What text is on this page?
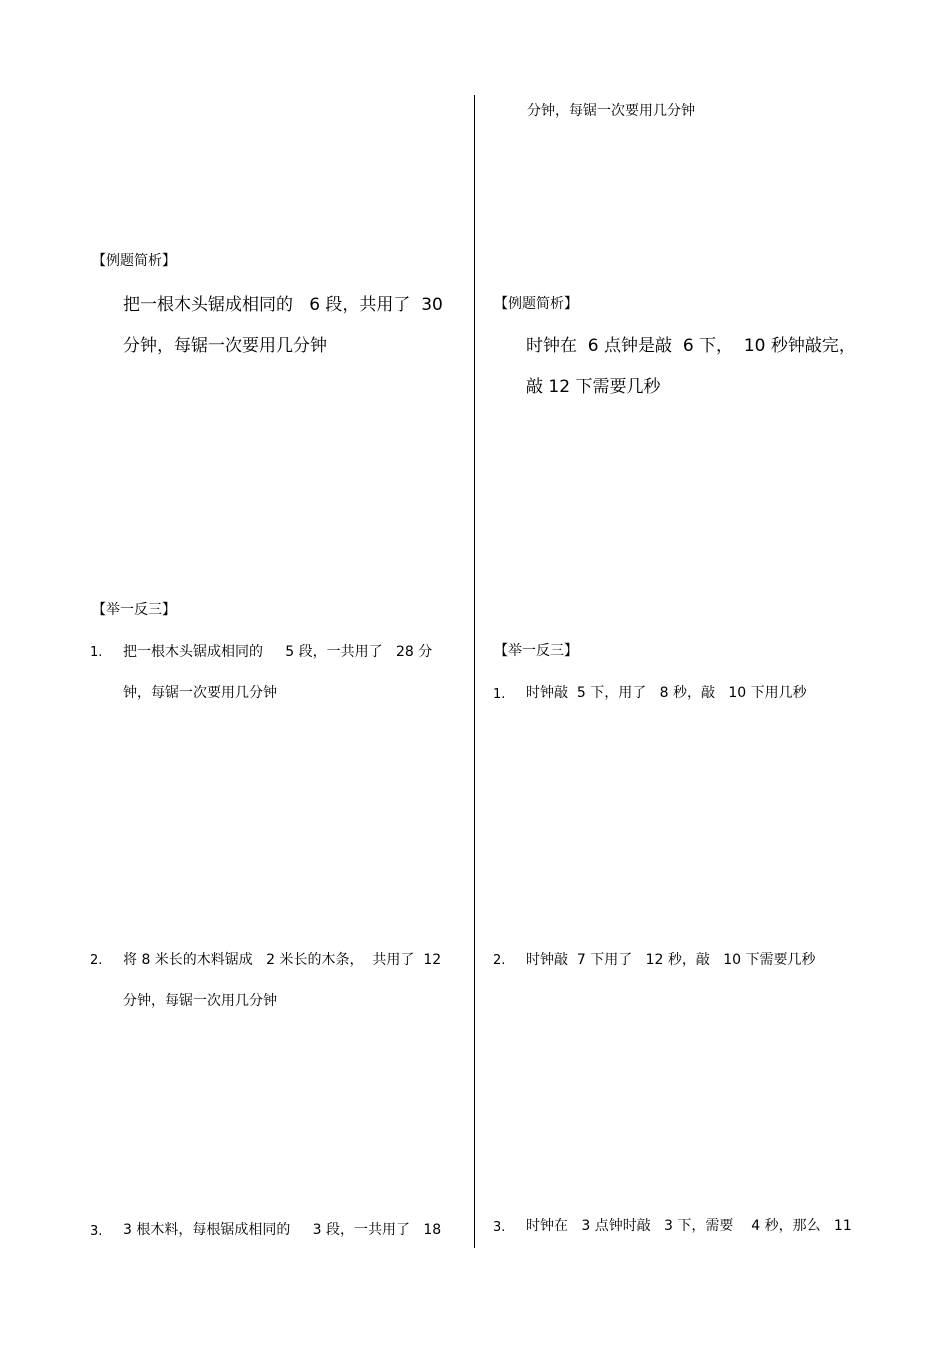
【例题简析】
把一根木头锯成相同的   6 段，共用了  30
分钟，每锯一次要用几分钟
【举一反三】
1. 把一根木头锯成相同的     5 段，一共用了   28 分
钟，每锯一次要用几分钟
2. 将 8 米长的木料锯成   2 米长的木条，  共用了  12
分钟，每锯一次用几分钟
3. 3 根木料，每根锯成相同的     3 段，一共用了   18
分钟，每锯一次要用几分钟
【例题简析】
时钟在  6 点钟是敲  6 下，  10 秒钟敲完，
敲 12 下需要几秒
【举一反三】
1. 时钟敲  5 下，用了   8 秒，敲   10 下用几秒
2. 时钟敲  7 下用了   12 秒，敲   10 下需要几秒
3. 时钟在   3 点钟时敲   3 下，需要    4 秒，那么   11
